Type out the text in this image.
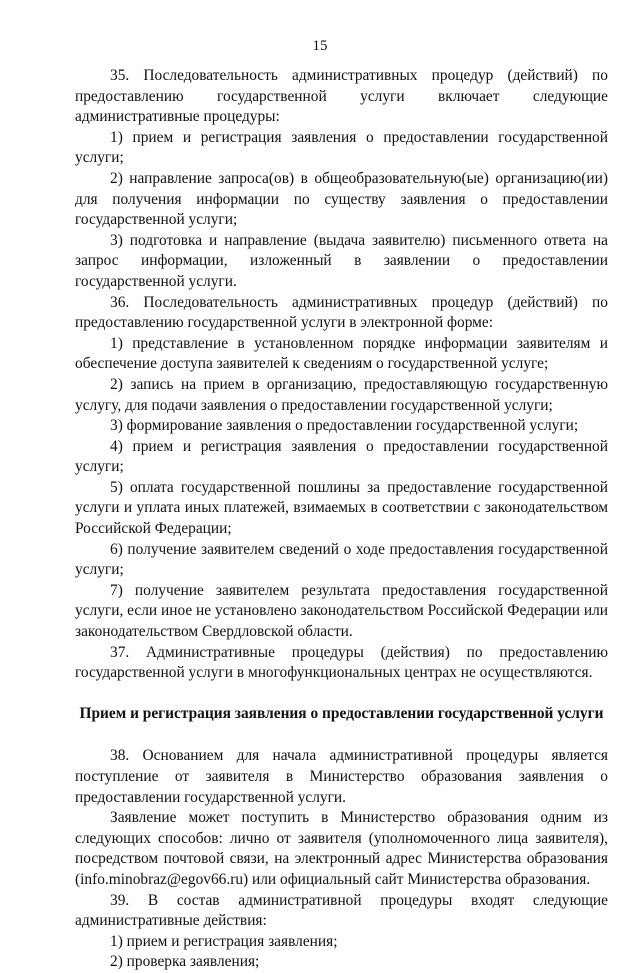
15

35. Последовательность административных процедур (действий) по предоставлению государственной услуги включает следующие административные процедуры:

1) прием и регистрация заявления о предоставлении государственной услуги;

2) направление запроса(ов) в общеобразовательную(ые) организацию(ии) для получения информации по существу заявления о предоставлении государственной услуги;

3) подготовка и направление (выдача заявителю) письменного ответа на запрос информации, изложенный в заявлении о предоставлении государственной услуги.

36. Последовательность административных процедур (действий) по предоставлению государственной услуги в электронной форме:

1) представление в установленном порядке информации заявителям и обеспечение доступа заявителей к сведениям о государственной услуге;

2) запись на прием в организацию, предоставляющую государственную услугу, для подачи заявления о предоставлении государственной услуги;

3) формирование заявления о предоставлении государственной услуги;

4) прием и регистрация заявления о предоставлении государственной услуги;

5) оплата государственной пошлины за предоставление государственной услуги и уплата иных платежей, взимаемых в соответствии с законодательством Российской Федерации;

6) получение заявителем сведений о ходе предоставления государственной услуги;

7) получение заявителем результата предоставления государственной услуги, если иное не установлено законодательством Российской Федерации или законодательством Свердловской области.

37. Административные процедуры (действия) по предоставлению государственной услуги в многофункциональных центрах не осуществляются.

Прием и регистрация заявления о предоставлении государственной услуги

38. Основанием для начала административной процедуры является поступление от заявителя в Министерство образования заявления о предоставлении государственной услуги.

Заявление может поступить в Министерство образования одним из следующих способов: лично от заявителя (уполномоченного лица заявителя), посредством почтовой связи, на электронный адрес Министерства образования (info.minobraz@egov66.ru) или официальный сайт Министерства образования.

39. В состав административной процедуры входят следующие административные действия:

1) прием и регистрация заявления;

2) проверка заявления;
